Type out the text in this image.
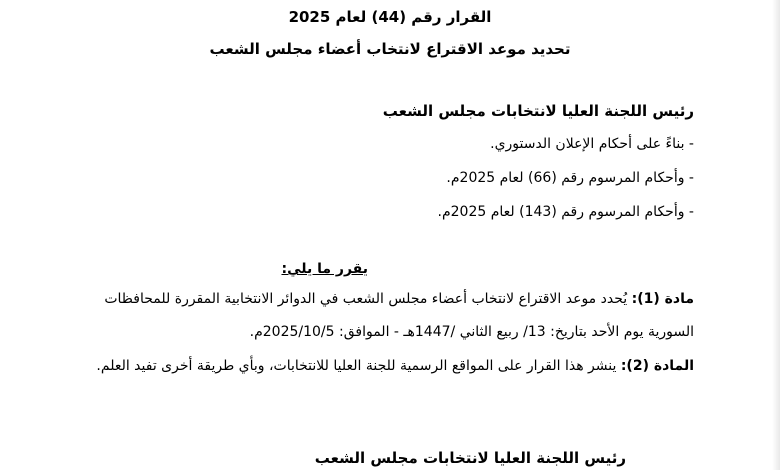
القرار رقم (44) لعام 2025
تحديد موعد الاقتراع لانتخاب أعضاء مجلس الشعب
رئيس اللجنة العليا لانتخابات مجلس الشعب
- بناءً على أحكام الإعلان الدستوري.
- وأحكام المرسوم رقم (66) لعام 2025م.
- وأحكام المرسوم رقم (143) لعام 2025م.
يقرر ما يلي:
مادة (1): يُحدد موعد الاقتراع لانتخاب أعضاء مجلس الشعب في الدوائر الانتخابية المقررة للمحافظات
السورية يوم الأحد بتاريخ: 13/ ربيع الثاني /1447هـ - الموافق: 2025/10/5م.
المادة (2): ينشر هذا القرار على المواقع الرسمية للجنة العليا للانتخابات، وبأي طريقة أخرى تفيد العلم.
رئيس اللجنة العليا لانتخابات مجلس الشعب
